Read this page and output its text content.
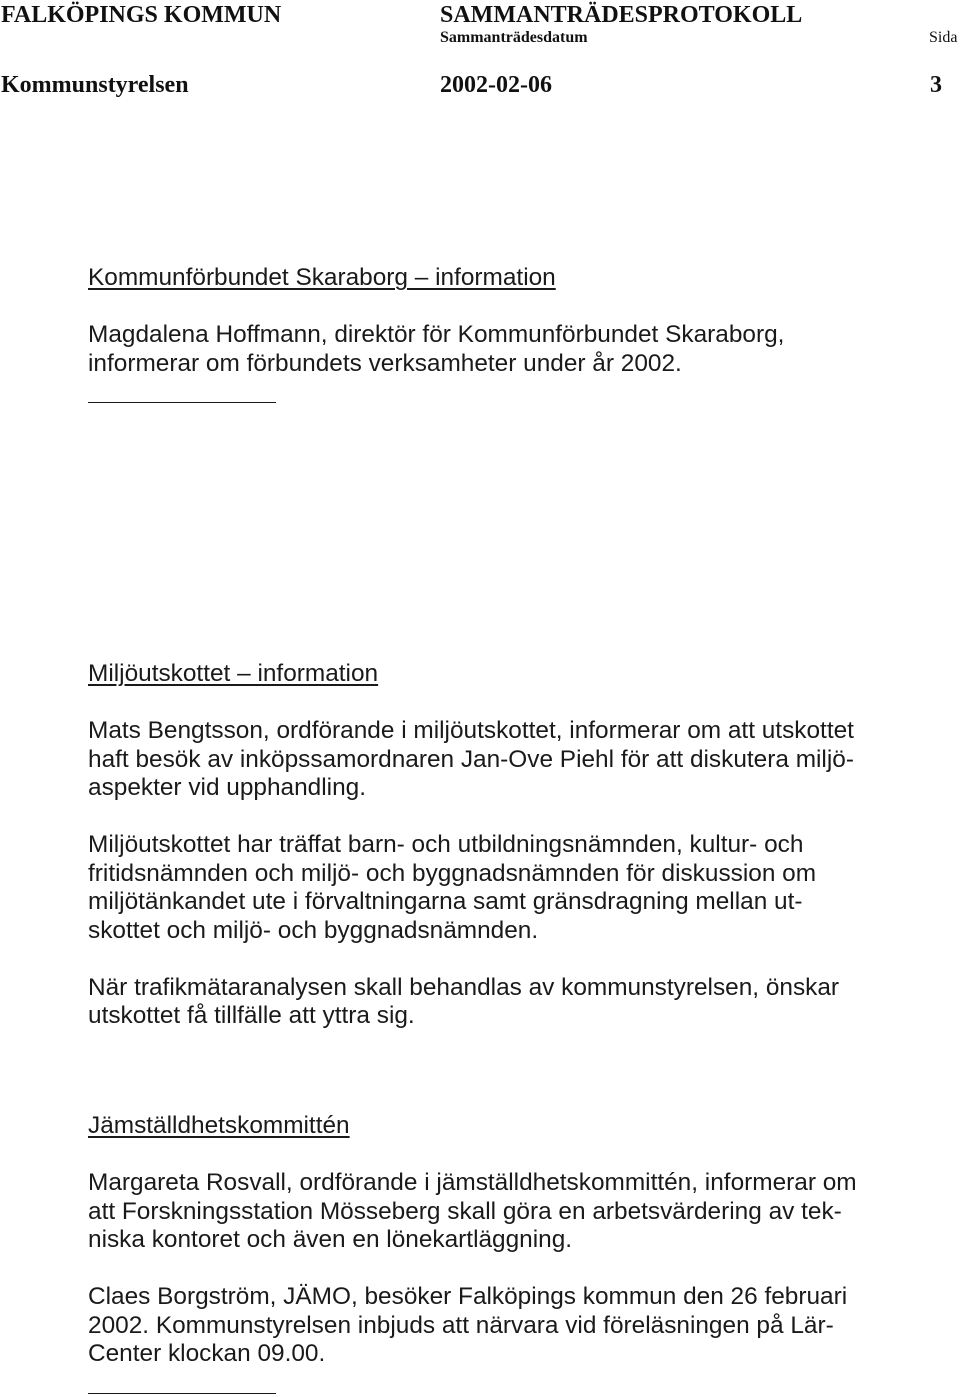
FALKÖPINGS KOMMUN	SAMMANTRÄDESPROTOKOLL
Sammanträdesdatum	Sida
Kommunstyrelsen	2002-02-06	3
Kommunförbundet Skaraborg – information
Magdalena Hoffmann, direktör för Kommunförbundet Skaraborg,
informerar om förbundets verksamheter under år 2002.
Miljöutskottet – information
Mats Bengtsson, ordförande i miljöutskottet, informerar om att utskottet
haft besök av inköpssamordnaren Jan-Ove Piehl för att diskutera miljö-
aspekter vid upphandling.
Miljöutskottet har träffat barn- och utbildningsnämnden, kultur- och
fritidsnämnden och miljö- och byggnadsnämnden för diskussion om
miljötänkandet ute i förvaltningarna samt gränsdragning mellan ut-
skottet och miljö- och byggnadsnämnden.
När trafikmätaranalysen skall behandlas av kommunstyrelsen, önskar
utskottet få tillfälle att yttra sig.
Jämställdhetskommittén
Margareta Rosvall, ordförande i jämställdhetskommittén, informerar om
att Forskningsstation Mösseberg skall göra en arbetsvärdering av tek-
niska kontoret och även en lönekartläggning.
Claes Borgström, JÄMO, besöker Falköpings kommun den 26 februari
2002. Kommunstyrelsen inbjuds att närvara vid föreläsningen på Lär-
Center klockan 09.00.
